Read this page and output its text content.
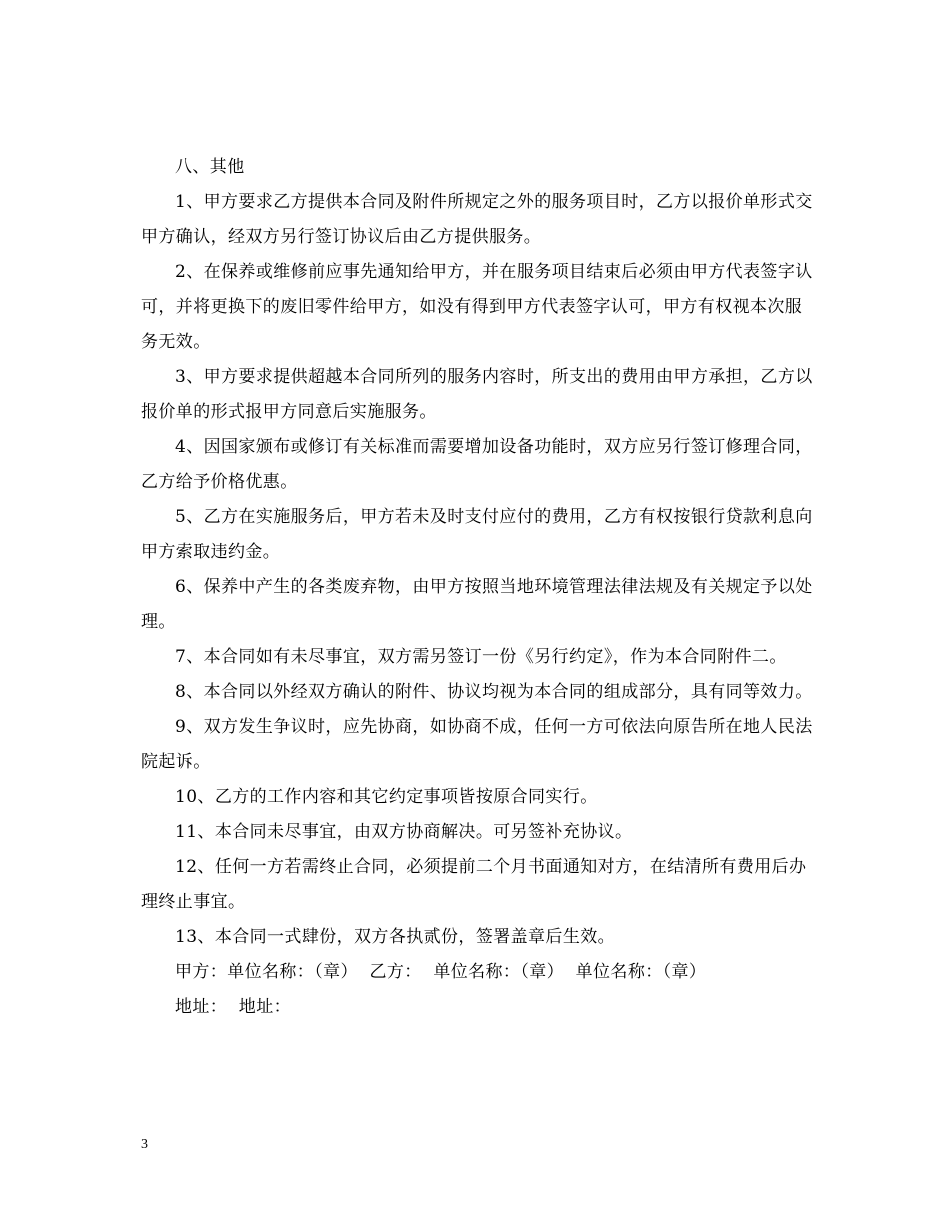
八、其他

1、甲方要求乙方提供本合同及附件所规定之外的服务项目时，乙方以报价单形式交甲方确认，经双方另行签订协议后由乙方提供服务。

2、在保养或维修前应事先通知给甲方，并在服务项目结束后必须由甲方代表签字认可，并将更换下的废旧零件给甲方，如没有得到甲方代表签字认可，甲方有权视本次服务无效。

3、甲方要求提供超越本合同所列的服务内容时，所支出的费用由甲方承担，乙方以报价单的形式报甲方同意后实施服务。

4、因国家颁布或修订有关标准而需要增加设备功能时，双方应另行签订修理合同，乙方给予价格优惠。

5、乙方在实施服务后，甲方若未及时支付应付的费用，乙方有权按银行贷款利息向甲方索取违约金。

6、保养中产生的各类废弃物，由甲方按照当地环境管理法律法规及有关规定予以处理。

7、本合同如有未尽事宜，双方需另签订一份《另行约定》，作为本合同附件二。

8、本合同以外经双方确认的附件、协议均视为本合同的组成部分，具有同等效力。

9、双方发生争议时，应先协商，如协商不成，任何一方可依法向原告所在地人民法院起诉。

10、乙方的工作内容和其它约定事项皆按原合同实行。

11、本合同未尽事宜，由双方协商解决。可另签补充协议。

12、任何一方若需终止合同，必须提前二个月书面通知对方，在结清所有费用后办理终止事宜。

13、本合同一式肆份，双方各执贰份，签署盖章后生效。

甲方：单位名称：（章）  乙方：  单位名称：（章）  单位名称：（章）

地址：  地址：

3
